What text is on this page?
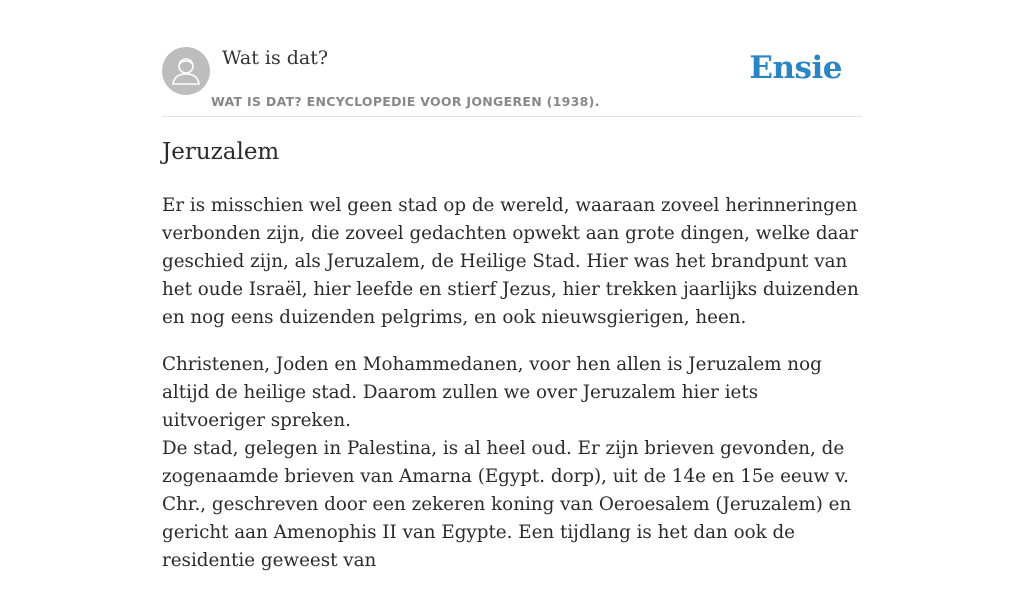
Wat is dat?
WAT IS DAT? ENCYCLOPEDIE VOOR JONGEREN (1938).
Ensie
Jeruzalem

Er is misschien wel geen stad op de wereld, waaraan zoveel herinneringen verbonden zijn, die zoveel gedachten opwekt aan grote dingen, welke daar geschied zijn, als Jeruzalem, de Heilige Stad. Hier was het brandpunt van het oude Israël, hier leefde en stierf Jezus, hier trekken jaarlijks duizenden en nog eens duizenden pelgrims, en ook nieuwsgierigen, heen.

Christenen, Joden en Mohammedanen, voor hen allen is Jeruzalem nog altijd de heilige stad. Daarom zullen we over Jeruzalem hier iets uitvoeriger spreken.

De stad, gelegen in Palestina, is al heel oud. Er zijn brieven gevonden, de zogenaamde brieven van Amarna (Egypt. dorp), uit de 14e en 15e eeuw v. Chr., geschreven door een zekeren koning van Oeroesalem (Jeruzalem) en gericht aan Amenophis II van Egypte. Een tijdlang is het dan ook de residentie geweest van
